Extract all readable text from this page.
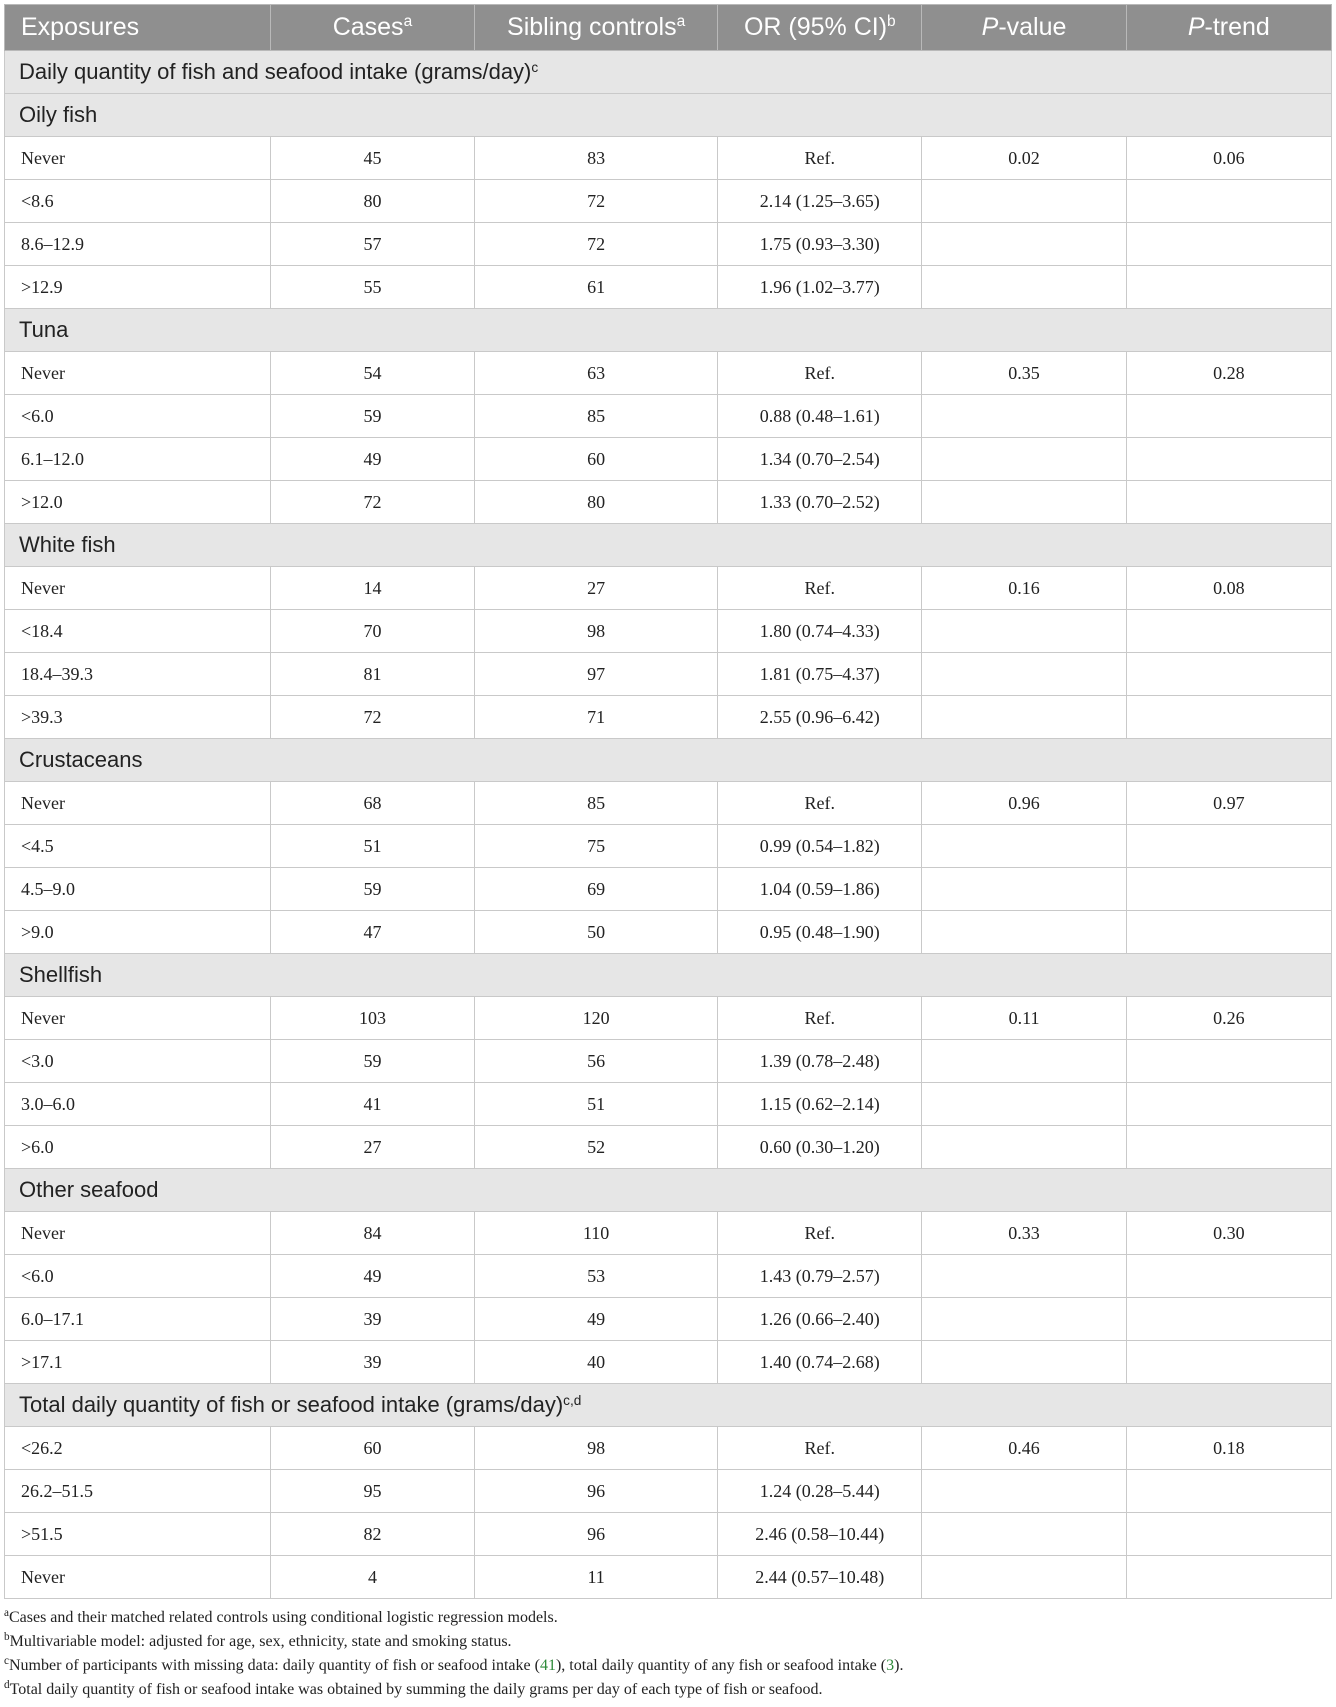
Exposures	Cases$^a$	Sibling controls$^a$	OR (95% CI)$^b$	P-value	P-trend
Daily quantity of fish and seafood intake (grams/day)$^c$
Oily fish					
Never	45	83	Ref.	0.02	0.06
<8.6	80	72	2.14 (1.25–3.65)		
8.6–12.9	57	72	1.75 (0.93–3.30)		
>12.9	55	61	1.96 (1.02–3.77)		
Tuna					
Never	54	63	Ref.	0.35	0.28
<6.0	59	85	0.88 (0.48–1.61)		
6.1–12.0	49	60	1.34 (0.70–2.54)		
>12.0	72	80	1.33 (0.70–2.52)		
White fish					
Never	14	27	Ref.	0.16	0.08
<18.4	70	98	1.80 (0.74–4.33)		
18.4–39.3	81	97	1.81 (0.75–4.37)		
>39.3	72	71	2.55 (0.96–6.42)		
Crustaceans					
Never	68	85	Ref.	0.96	0.97
<4.5	51	75	0.99 (0.54–1.82)		
4.5–9.0	59	69	1.04 (0.59–1.86)		
>9.0	47	50	0.95 (0.48–1.90)		
Shellfish					
Never	103	120	Ref.	0.11	0.26
<3.0	59	56	1.39 (0.78–2.48)		
3.0–6.0	41	51	1.15 (0.62–2.14)		
>6.0	27	52	0.60 (0.30–1.20)		
Other seafood					
Never	84	110	Ref.	0.33	0.30
<6.0	49	53	1.43 (0.79–2.57)		
6.0–17.1	39	49	1.26 (0.66–2.40)		
>17.1	39	40	1.40 (0.74–2.68)		
Total daily quantity of fish or seafood intake (grams/day)$^{c,d}$
<26.2	60	98	Ref.	0.46	0.18
26.2–51.5	95	96	1.24 (0.28–5.44)		
>51.5	82	96	2.46 (0.58–10.44)		
Never	4	11	2.44 (0.57–10.48)		
$^a$Cases and their matched related controls using conditional logistic regression models.
$^b$Multivariable model: adjusted for age, sex, ethnicity, state and smoking status.
$^c$Number of participants with missing data: daily quantity of fish or seafood intake (41), total daily quantity of any fish or seafood intake (3).
$^d$Total daily quantity of fish or seafood intake was obtained by summing the daily grams per day of each type of fish or seafood.
